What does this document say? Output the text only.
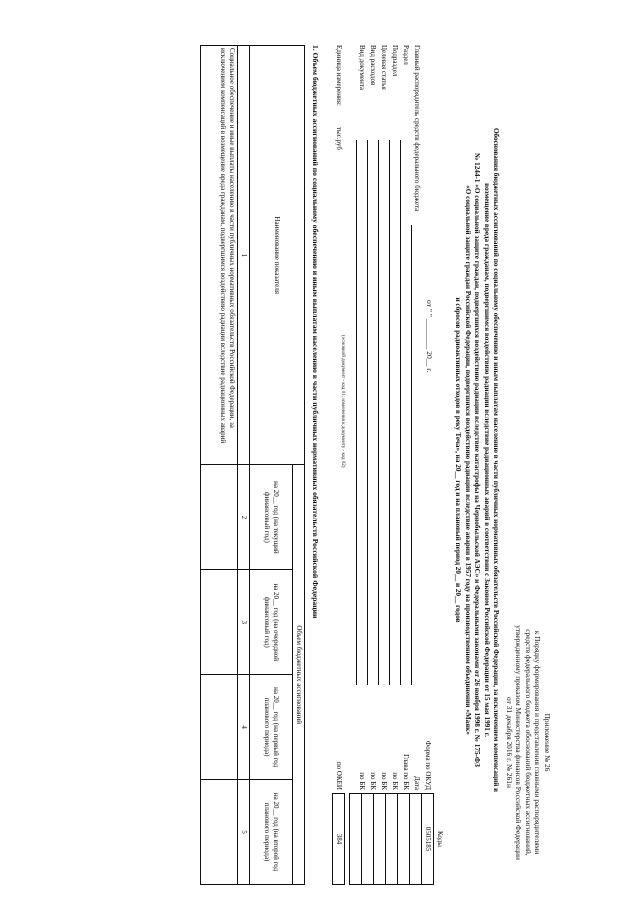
Приложение № 26
к Порядку формирования и представления главными распорядителями
средств федерального бюджета обоснований бюджетных ассигнований,
утвержденному приказом Министерства финансов Российской Федерации
от 31 декабря 2016 г. № 261н
Обоснования бюджетных ассигнований по социальному обеспечению и иным выплатам населению в части публичных нормативных обязательств Российской Федерации, за исключением компенсаций в
возмещение вреда гражданам, подвергшимся воздействию радиации вследствие радиационных аварий в соответствии с Законом Российской Федерации от 15 мая 1991 г.
№ 1244-1 «О социальной защите граждан, подвергшихся воздействию радиации вследствие катастрофы на Чернобыльской АЭС» и Федеральными законами от 26 ноября 1998 г. № 175-ФЗ
«О социальной защите граждан Российской Федерации, подвергшихся воздействию радиации вследствие аварии в 1957 году на производственном объединении «Маяк»
и сбросов радиоактивных отходов в реку Теча», на 20__ год и на плановый период 20__ и 20__ годов
от " " ________ 20__ г.
Коды
0505185
Форма по ОКУД
Дата
Глава по БК
по БК
по БК
по БК
по БК
Главный распорядитель средств федерального бюджета
Раздел
Подраздел
Целевая статья
Вид расходов
Вид документа
(основной документ - код 01; изменения к документу - код 02)
Единица измерения:
тыс.руб
по ОКЕИ
384
1. Объем бюджетных ассигнований по социальному обеспечению и иным выплатам населению в части публичных нормативных обязательств Российской Федерации
Наименование показателя	Объем бюджетных ассигнований			
	на 20__ год (на текущий финансовый год)	на 20__ год (на очередной финансовый год)	на 20__ год (на первый год планового периода)	на 20__ год (на второй год планового периода)
1	2	3	4	5
Социальное обеспечение и иные выплаты населению в части публичных нормативных обязательств Российской Федерации, за исключением компенсаций в возмещение вреда гражданам, подвергшимся воздействию радиации вследствие радиационных аварий				
